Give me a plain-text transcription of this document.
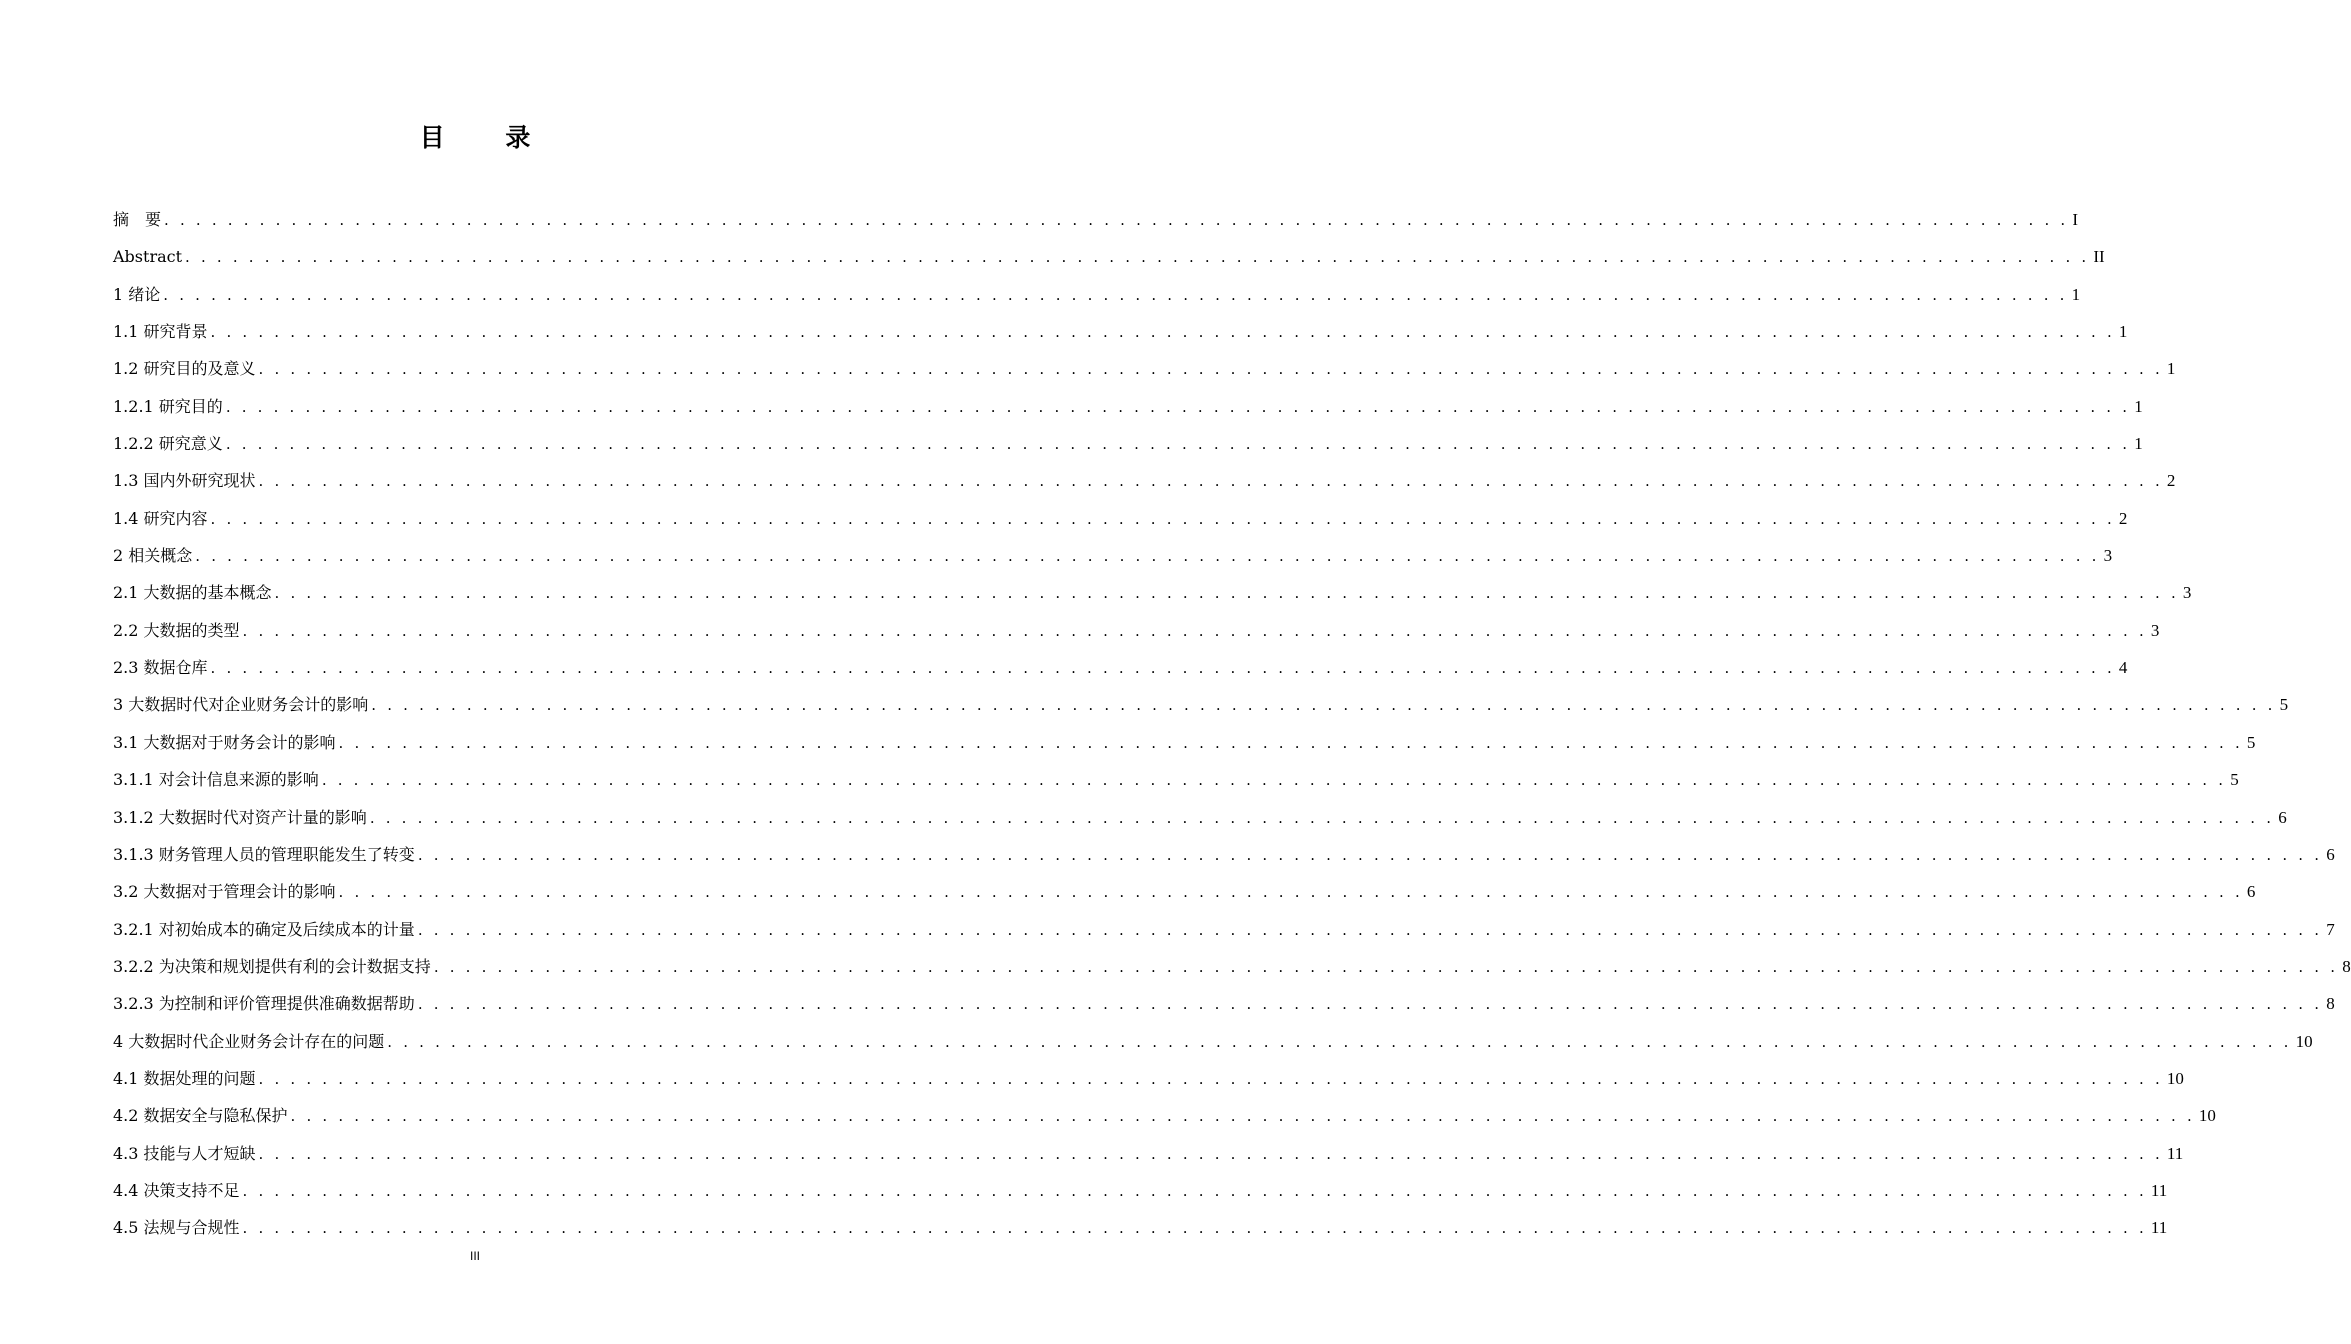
目 录
摘　要 . . . . . . . . . . . . . . . . . . . . . . . . . . . . . . . . . . . . . . . . . . . . . . . . . . . . . . . . . . . . . . . . . . . . . . . . . . . . . . . . . . . . . . . . . . . . . . . . . . . . . . . . . . . . . . . . . . . . . . . . I
Abstract . . . . . . . . . . . . . . . . . . . . . . . . . . . . . . . . . . . . . . . . . . . . . . . . . . . . . . . . . . . . . . . . . . . . . . . . . . . . . . . . . . . . . . . . . . . . . . . . . . . . . . . . . . . . . . . . . . . . . . . . II
1 绪论 . . . . . . . . . . . . . . . . . . . . . . . . . . . . . . . . . . . . . . . . . . . . . . . . . . . . . . . . . . . . . . . . . . . . . . . . . . . . . . . . . . . . . . . . . . . . . . . . . . . . . . . . . . . . . . . . . . . . . . . . 1
1.1 研究背景 . . . . . . . . . . . . . . . . . . . . . . . . . . . . . . . . . . . . . . . . . . . . . . . . . . . . . . . . . . . . . . . . . . . . . . . . . . . . . . . . . . . . . . . . . . . . . . . . . . . . . . . . . . . . . . . . . . . . . . . . 1
1.2 研究目的及意义 . . . . . . . . . . . . . . . . . . . . . . . . . . . . . . . . . . . . . . . . . . . . . . . . . . . . . . . . . . . . . . . . . . . . . . . . . . . . . . . . . . . . . . . . . . . . . . . . . . . . . . . . . . . . . . . . . . . . . . . . 1
1.2.1 研究目的 . . . . . . . . . . . . . . . . . . . . . . . . . . . . . . . . . . . . . . . . . . . . . . . . . . . . . . . . . . . . . . . . . . . . . . . . . . . . . . . . . . . . . . . . . . . . . . . . . . . . . . . . . . . . . . . . . . . . . . . . 1
1.2.2 研究意义 . . . . . . . . . . . . . . . . . . . . . . . . . . . . . . . . . . . . . . . . . . . . . . . . . . . . . . . . . . . . . . . . . . . . . . . . . . . . . . . . . . . . . . . . . . . . . . . . . . . . . . . . . . . . . . . . . . . . . . . . 1
1.3 国内外研究现状 . . . . . . . . . . . . . . . . . . . . . . . . . . . . . . . . . . . . . . . . . . . . . . . . . . . . . . . . . . . . . . . . . . . . . . . . . . . . . . . . . . . . . . . . . . . . . . . . . . . . . . . . . . . . . . . . . . . . . . . . 2
1.4 研究内容 . . . . . . . . . . . . . . . . . . . . . . . . . . . . . . . . . . . . . . . . . . . . . . . . . . . . . . . . . . . . . . . . . . . . . . . . . . . . . . . . . . . . . . . . . . . . . . . . . . . . . . . . . . . . . . . . . . . . . . . . 2
2 相关概念 . . . . . . . . . . . . . . . . . . . . . . . . . . . . . . . . . . . . . . . . . . . . . . . . . . . . . . . . . . . . . . . . . . . . . . . . . . . . . . . . . . . . . . . . . . . . . . . . . . . . . . . . . . . . . . . . . . . . . . . . 3
2.1 大数据的基本概念 . . . . . . . . . . . . . . . . . . . . . . . . . . . . . . . . . . . . . . . . . . . . . . . . . . . . . . . . . . . . . . . . . . . . . . . . . . . . . . . . . . . . . . . . . . . . . . . . . . . . . . . . . . . . . . . . . . . . . . . . 3
2.2 大数据的类型 . . . . . . . . . . . . . . . . . . . . . . . . . . . . . . . . . . . . . . . . . . . . . . . . . . . . . . . . . . . . . . . . . . . . . . . . . . . . . . . . . . . . . . . . . . . . . . . . . . . . . . . . . . . . . . . . . . . . . . . . 3
2.3 数据仓库 . . . . . . . . . . . . . . . . . . . . . . . . . . . . . . . . . . . . . . . . . . . . . . . . . . . . . . . . . . . . . . . . . . . . . . . . . . . . . . . . . . . . . . . . . . . . . . . . . . . . . . . . . . . . . . . . . . . . . . . . 4
3 大数据时代对企业财务会计的影响 . . . . . . . . . . . . . . . . . . . . . . . . . . . . . . . . . . . . . . . . . . . . . . . . . . . . . . . . . . . . . . . . . . . . . . . . . . . . . . . . . . . . . . . . . . . . . . . . . . . . . . . . . . . . . . . . . . . . . . . . 5
3.1 大数据对于财务会计的影响 . . . . . . . . . . . . . . . . . . . . . . . . . . . . . . . . . . . . . . . . . . . . . . . . . . . . . . . . . . . . . . . . . . . . . . . . . . . . . . . . . . . . . . . . . . . . . . . . . . . . . . . . . . . . . . . . . . . . . . . . 5
3.1.1 对会计信息来源的影响 . . . . . . . . . . . . . . . . . . . . . . . . . . . . . . . . . . . . . . . . . . . . . . . . . . . . . . . . . . . . . . . . . . . . . . . . . . . . . . . . . . . . . . . . . . . . . . . . . . . . . . . . . . . . . . . . . . . . . . . . 5
3.1.2 大数据时代对资产计量的影响 . . . . . . . . . . . . . . . . . . . . . . . . . . . . . . . . . . . . . . . . . . . . . . . . . . . . . . . . . . . . . . . . . . . . . . . . . . . . . . . . . . . . . . . . . . . . . . . . . . . . . . . . . . . . . . . . . . . . . . . . 6
3.1.3 财务管理人员的管理职能发生了转变 . . . . . . . . . . . . . . . . . . . . . . . . . . . . . . . . . . . . . . . . . . . . . . . . . . . . . . . . . . . . . . . . . . . . . . . . . . . . . . . . . . . . . . . . . . . . . . . . . . . . . . . . . . . . . . . . . . . . . . . . 6
3.2 大数据对于管理会计的影响 . . . . . . . . . . . . . . . . . . . . . . . . . . . . . . . . . . . . . . . . . . . . . . . . . . . . . . . . . . . . . . . . . . . . . . . . . . . . . . . . . . . . . . . . . . . . . . . . . . . . . . . . . . . . . . . . . . . . . . . . 6
3.2.1 对初始成本的确定及后续成本的计量 . . . . . . . . . . . . . . . . . . . . . . . . . . . . . . . . . . . . . . . . . . . . . . . . . . . . . . . . . . . . . . . . . . . . . . . . . . . . . . . . . . . . . . . . . . . . . . . . . . . . . . . . . . . . . . . . . . . . . . . . 7
3.2.2 为决策和规划提供有利的会计数据支持 . . . . . . . . . . . . . . . . . . . . . . . . . . . . . . . . . . . . . . . . . . . . . . . . . . . . . . . . . . . . . . . . . . . . . . . . . . . . . . . . . . . . . . . . . . . . . . . . . . . . . . . . . . . . . . . . . . . . . . . . 8
3.2.3 为控制和评价管理提供准确数据帮助 . . . . . . . . . . . . . . . . . . . . . . . . . . . . . . . . . . . . . . . . . . . . . . . . . . . . . . . . . . . . . . . . . . . . . . . . . . . . . . . . . . . . . . . . . . . . . . . . . . . . . . . . . . . . . . . . . . . . . . . . 8
4 大数据时代企业财务会计存在的问题 . . . . . . . . . . . . . . . . . . . . . . . . . . . . . . . . . . . . . . . . . . . . . . . . . . . . . . . . . . . . . . . . . . . . . . . . . . . . . . . . . . . . . . . . . . . . . . . . . . . . . . . . . . . . . . . . . . . . . . . . 10
4.1 数据处理的问题 . . . . . . . . . . . . . . . . . . . . . . . . . . . . . . . . . . . . . . . . . . . . . . . . . . . . . . . . . . . . . . . . . . . . . . . . . . . . . . . . . . . . . . . . . . . . . . . . . . . . . . . . . . . . . . . . . . . . . . . . 10
4.2 数据安全与隐私保护 . . . . . . . . . . . . . . . . . . . . . . . . . . . . . . . . . . . . . . . . . . . . . . . . . . . . . . . . . . . . . . . . . . . . . . . . . . . . . . . . . . . . . . . . . . . . . . . . . . . . . . . . . . . . . . . . . . . . . . . . 10
4.3 技能与人才短缺 . . . . . . . . . . . . . . . . . . . . . . . . . . . . . . . . . . . . . . . . . . . . . . . . . . . . . . . . . . . . . . . . . . . . . . . . . . . . . . . . . . . . . . . . . . . . . . . . . . . . . . . . . . . . . . . . . . . . . . . . 11
4.4 决策支持不足 . . . . . . . . . . . . . . . . . . . . . . . . . . . . . . . . . . . . . . . . . . . . . . . . . . . . . . . . . . . . . . . . . . . . . . . . . . . . . . . . . . . . . . . . . . . . . . . . . . . . . . . . . . . . . . . . . . . . . . . . 11
4.5 法规与合规性 . . . . . . . . . . . . . . . . . . . . . . . . . . . . . . . . . . . . . . . . . . . . . . . . . . . . . . . . . . . . . . . . . . . . . . . . . . . . . . . . . . . . . . . . . . . . . . . . . . . . . . . . . . . . . . . . . . . . . . . . 11
III
